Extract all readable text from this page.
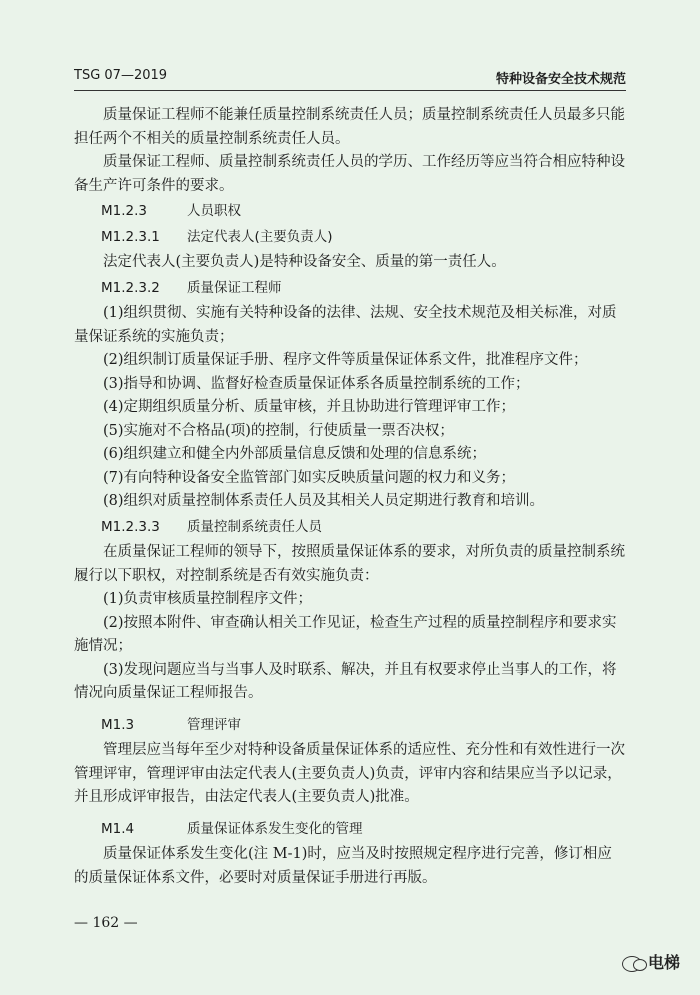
TSG 07—2019	特种设备安全技术规范

质量保证工程师不能兼任质量控制系统责任人员；质量控制系统责任人员最多只能担任两个不相关的质量控制系统责任人员。

质量保证工程师、质量控制系统责任人员的学历、工作经历等应当符合相应特种设备生产许可条件的要求。

M1.2.3	人员职权
M1.2.3.1 法定代表人(主要负责人)

法定代表人(主要负责人)是特种设备安全、质量的第一责任人。

M1.2.3.2 质量保证工程师

(1)组织贯彻、实施有关特种设备的法律、法规、安全技术规范及相关标准，对质量保证系统的实施负责；

(2)组织制订质量保证手册、程序文件等质量保证体系文件，批准程序文件；

(3)指导和协调、监督好检查质量保证体系各质量控制系统的工作；

(4)定期组织质量分析、质量审核，并且协助进行管理评审工作；

(5)实施对不合格品(项)的控制，行使质量一票否决权；

(6)组织建立和健全内外部质量信息反馈和处理的信息系统；

(7)有向特种设备安全监管部门如实反映质量问题的权力和义务；

(8)组织对质量控制体系责任人员及其相关人员定期进行教育和培训。

M1.2.3.3 质量控制系统责任人员

在质量保证工程师的领导下，按照质量保证体系的要求，对所负责的质量控制系统履行以下职权，对控制系统是否有效实施负责：

(1)负责审核质量控制程序文件；

(2)按照本附件、审查确认相关工作见证，检查生产过程的质量控制程序和要求实施情况；

(3)发现问题应当与当事人及时联系、解决，并且有权要求停止当事人的工作，将情况向质量保证工程师报告。

M1.3	管理评审

管理层应当每年至少对特种设备质量保证体系的适应性、充分性和有效性进行一次管理评审，管理评审由法定代表人(主要负责人)负责，评审内容和结果应当予以记录，并且形成评审报告，由法定代表人(主要负责人)批准。

M1.4	质量保证体系发生变化的管理

质量保证体系发生变化(注 M-1)时，应当及时按照规定程序进行完善，修订相应的质量保证体系文件，必要时对质量保证手册进行再版。

— 162 —
电梯
